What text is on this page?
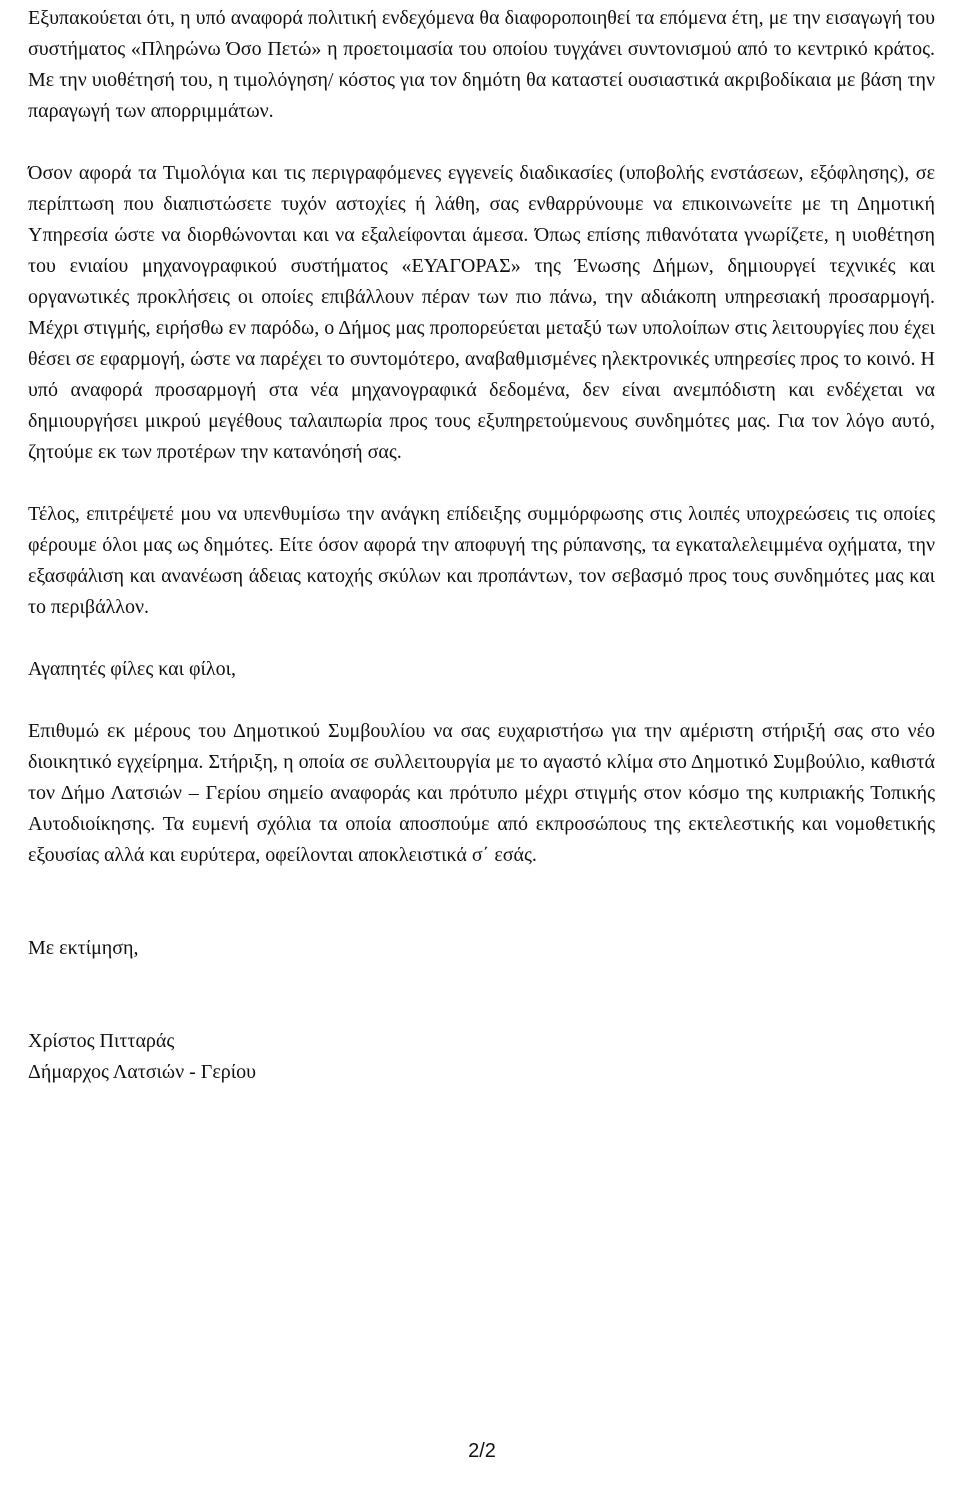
Εξυπακούεται ότι, η υπό αναφορά πολιτική ενδεχόμενα θα διαφοροποιηθεί τα επόμενα έτη, με την εισαγωγή του συστήματος «Πληρώνω Όσο Πετώ» η προετοιμασία του οποίου τυγχάνει συντονισμού από το κεντρικό κράτος. Με την υιοθέτησή του, η τιμολόγηση/ κόστος για τον δημότη θα καταστεί ουσιαστικά ακριβοδίκαια με βάση την παραγωγή των απορριμμάτων.

Όσον αφορά τα Τιμολόγια και τις περιγραφόμενες εγγενείς διαδικασίες (υποβολής ενστάσεων, εξόφλησης), σε περίπτωση που διαπιστώσετε τυχόν αστοχίες ή λάθη, σας ενθαρρύνουμε να επικοινωνείτε με τη Δημοτική Υπηρεσία ώστε να διορθώνονται και να εξαλείφονται άμεσα. Όπως επίσης πιθανότατα γνωρίζετε, η υιοθέτηση του ενιαίου μηχανογραφικού συστήματος «ΕΥΑΓΟΡΑΣ» της Ένωσης Δήμων, δημιουργεί τεχνικές και οργανωτικές προκλήσεις οι οποίες επιβάλλουν πέραν των πιο πάνω, την αδιάκοπη υπηρεσιακή προσαρμογή. Μέχρι στιγμής, ειρήσθω εν παρόδω, ο Δήμος μας προπορεύεται μεταξύ των υπολοίπων στις λειτουργίες που έχει θέσει σε εφαρμογή, ώστε να παρέχει το συντομότερο, αναβαθμισμένες ηλεκτρονικές υπηρεσίες προς το κοινό. Η υπό αναφορά προσαρμογή στα νέα μηχανογραφικά δεδομένα, δεν είναι ανεμπόδιστη και ενδέχεται να δημιουργήσει μικρού μεγέθους ταλαιπωρία προς τους εξυπηρετούμενους συνδημότες μας. Για τον λόγο αυτό, ζητούμε εκ των προτέρων την κατανόησή σας.

Τέλος, επιτρέψετέ μου να υπενθυμίσω την ανάγκη επίδειξης συμμόρφωσης στις λοιπές υποχρεώσεις τις οποίες φέρουμε όλοι μας ως δημότες. Είτε όσον αφορά την αποφυγή της ρύπανσης, τα εγκαταλελειμμένα οχήματα, την εξασφάλιση και ανανέωση άδειας κατοχής σκύλων και προπάντων, τον σεβασμό προς τους συνδημότες μας και το περιβάλλον.

Αγαπητές φίλες και φίλοι,

Επιθυμώ εκ μέρους του Δημοτικού Συμβουλίου να σας ευχαριστήσω για την αμέριστη στήριξή σας στο νέο διοικητικό εγχείρημα. Στήριξη, η οποία σε συλλειτουργία με το αγαστό κλίμα στο Δημοτικό Συμβούλιο, καθιστά τον Δήμο Λατσιών – Γερίου σημείο αναφοράς και πρότυπο μέχρι στιγμής στον κόσμο της κυπριακής Τοπικής Αυτοδιοίκησης. Τα ευμενή σχόλια τα οποία αποσπούμε από εκπροσώπους της εκτελεστικής και νομοθετικής εξουσίας αλλά και ευρύτερα, οφείλονται αποκλειστικά σ΄ εσάς.

Με εκτίμηση,
Χρίστος Πιτταράς
Δήμαρχος Λατσιών - Γερίου
2/2
